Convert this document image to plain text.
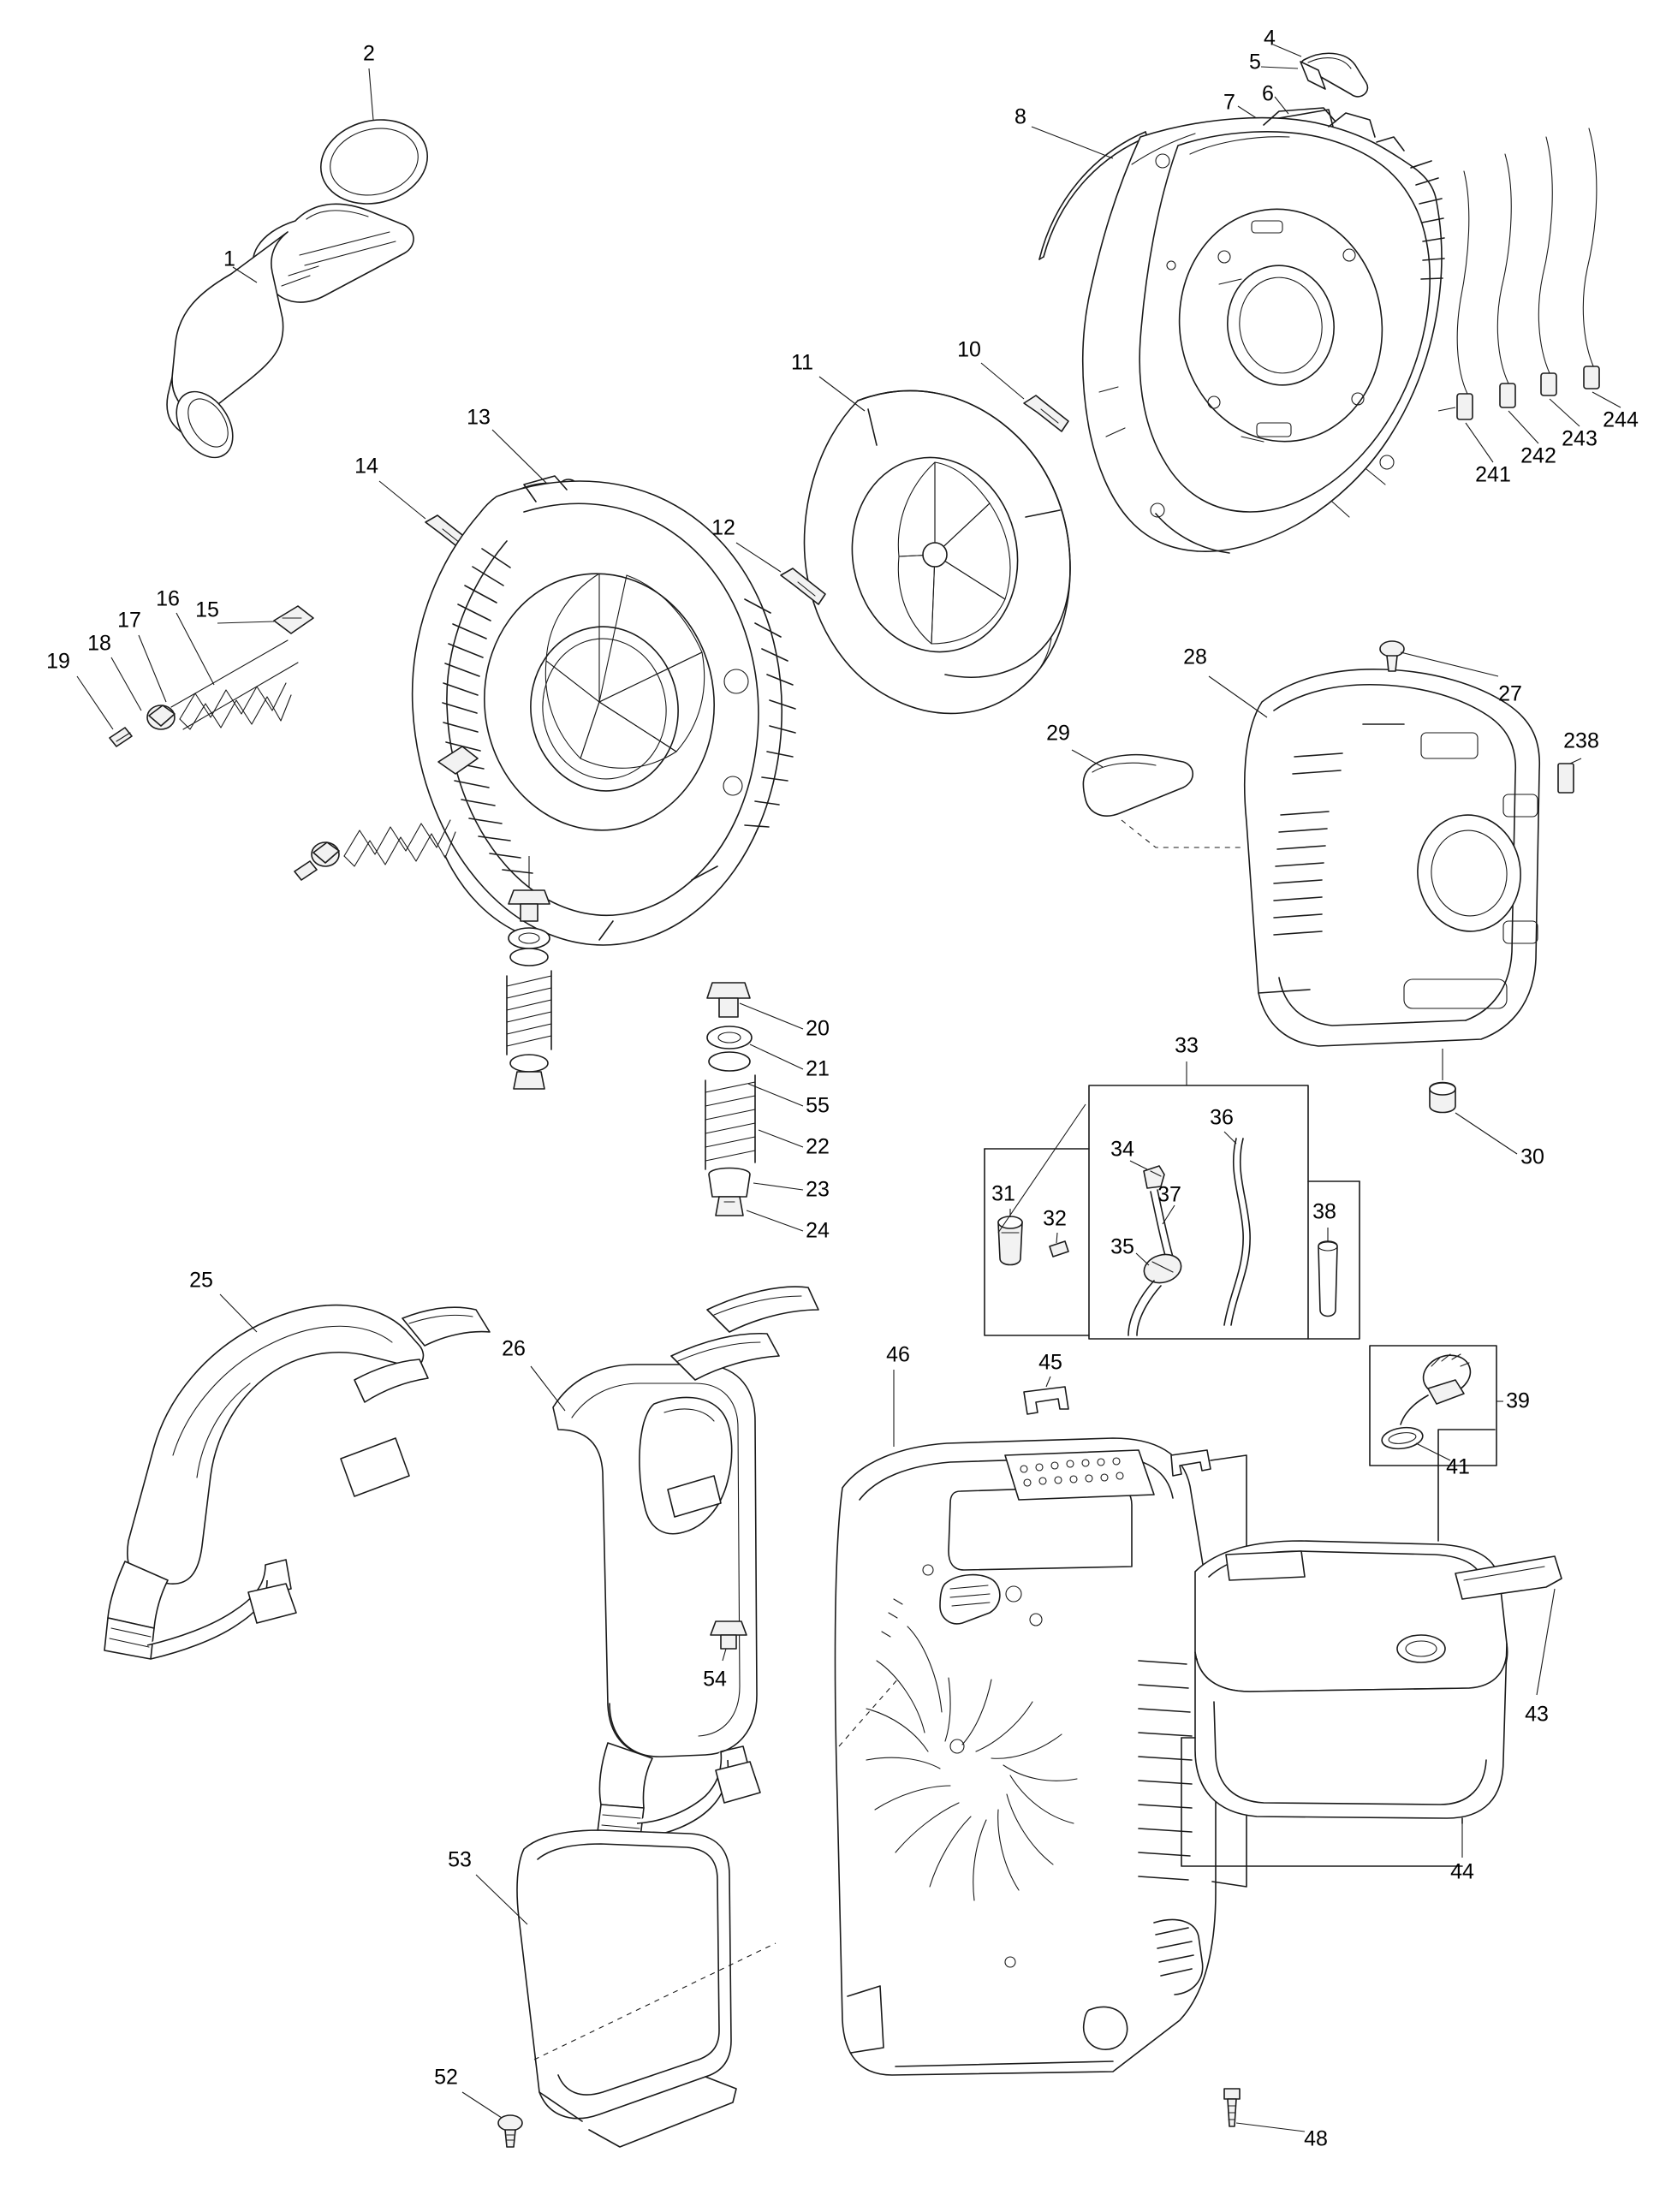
1
2
4
5
6
7
8
10
11
12
13
14
15
16
17
18
19
20
21
55
22
23
24
25
26
27
28
29
30
31
32
33
34
35
36
37
38
39
41
43
44
45
46
48
52
53
54
238
241
242
243
244
